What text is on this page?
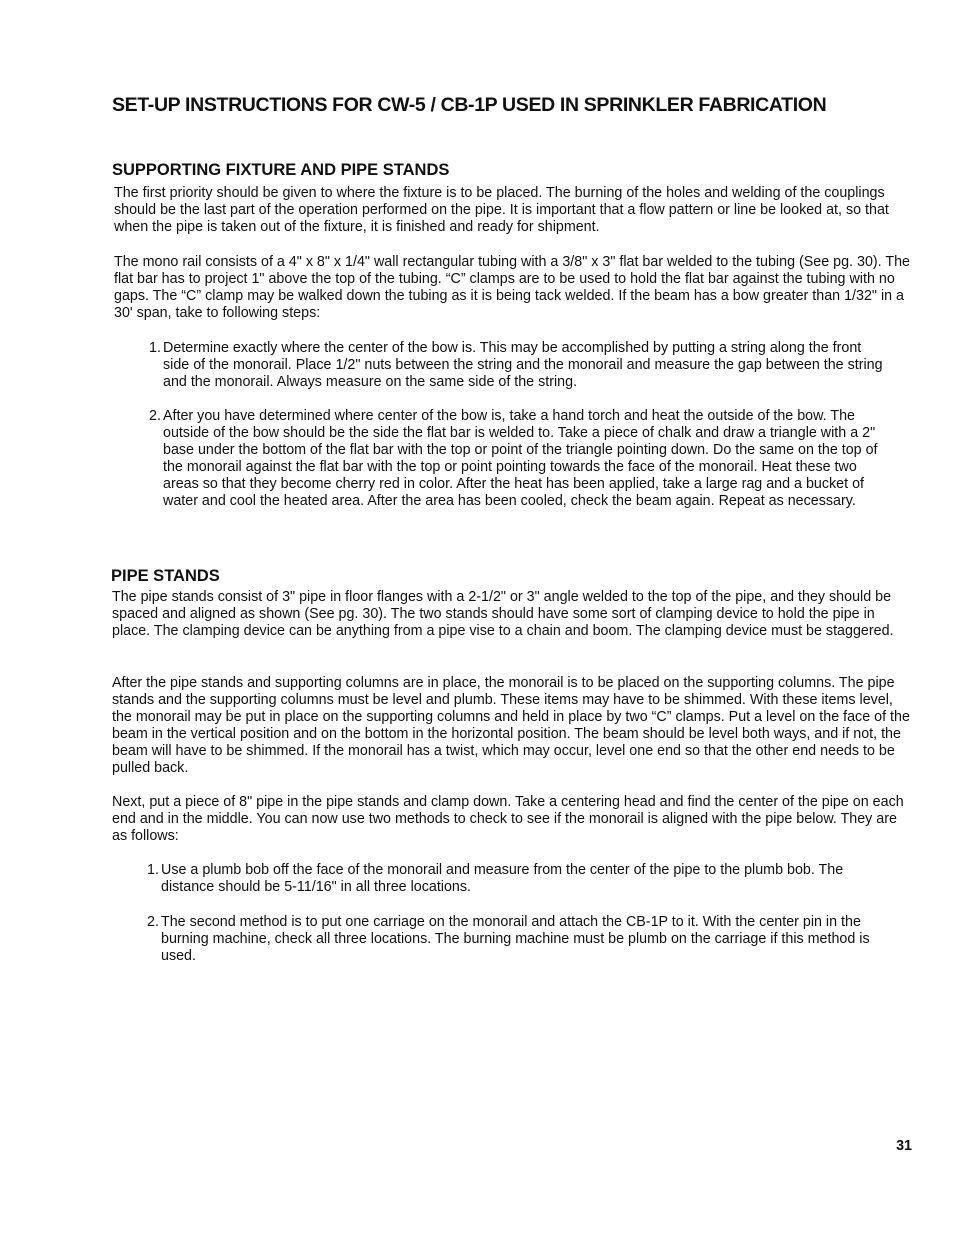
SET-UP INSTRUCTIONS FOR CW-5 / CB-1P USED IN SPRINKLER FABRICATION
SUPPORTING FIXTURE AND PIPE STANDS

The first priority should be given to where the fixture is to be placed. The burning of the holes and welding of the couplings should be the last part of the operation performed on the pipe. It is important that a flow pattern or line be looked at, so that when the pipe is taken out of the fixture, it is finished and ready for shipment.

The mono rail consists of a 4" x 8" x 1/4" wall rectangular tubing with a 3/8" x 3" flat bar welded to the tubing (See pg. 30). The flat bar has to project 1" above the top of the tubing. “C” clamps are to be used to hold the flat bar against the tubing with no gaps. The “C” clamp may be walked down the tubing as it is being tack welded. If the beam has a bow greater than 1/32" in a 30' span, take to following steps:

1. Determine exactly where the center of the bow is. This may be accomplished by putting a string along the front side of the monorail. Place 1/2" nuts between the string and the monorail and measure the gap between the string and the monorail. Always measure on the same side of the string.
2. After you have determined where center of the bow is, take a hand torch and heat the outside of the bow. The outside of the bow should be the side the flat bar is welded to. Take a piece of chalk and draw a triangle with a 2" base under the bottom of the flat bar with the top or point of the triangle pointing down. Do the same on the top of the monorail against the flat bar with the top or point pointing towards the face of the monorail. Heat these two areas so that they become cherry red in color. After the heat has been applied, take a large rag and a bucket of water and cool the heated area. After the area has been cooled, check the beam again. Repeat as necessary.
PIPE STANDS

The pipe stands consist of 3" pipe in floor flanges with a 2-1/2" or 3" angle welded to the top of the pipe, and they should be spaced and aligned as shown (See pg. 30). The two stands should have some sort of clamping device to hold the pipe in place. The clamping device can be anything from a pipe vise to a chain and boom. The clamping device must be staggered.

After the pipe stands and supporting columns are in place, the monorail is to be placed on the supporting columns. The pipe stands and the supporting columns must be level and plumb. These items may have to be shimmed. With these items level, the monorail may be put in place on the supporting columns and held in place by two “C” clamps. Put a level on the face of the beam in the vertical position and on the bottom in the horizontal position. The beam should be level both ways, and if not, the beam will have to be shimmed. If the monorail has a twist, which may occur, level one end so that the other end needs to be pulled back.

Next, put a piece of 8" pipe in the pipe stands and clamp down. Take a centering head and find the center of the pipe on each end and in the middle. You can now use two methods to check to see if the monorail is aligned with the pipe below. They are as follows:

1. Use a plumb bob off the face of the monorail and measure from the center of the pipe to the plumb bob. The distance should be 5-11/16" in all three locations.
2. The second method is to put one carriage on the monorail and attach the CB-1P to it. With the center pin in the burning machine, check all three locations. The burning machine must be plumb on the carriage if this method is used.
31
